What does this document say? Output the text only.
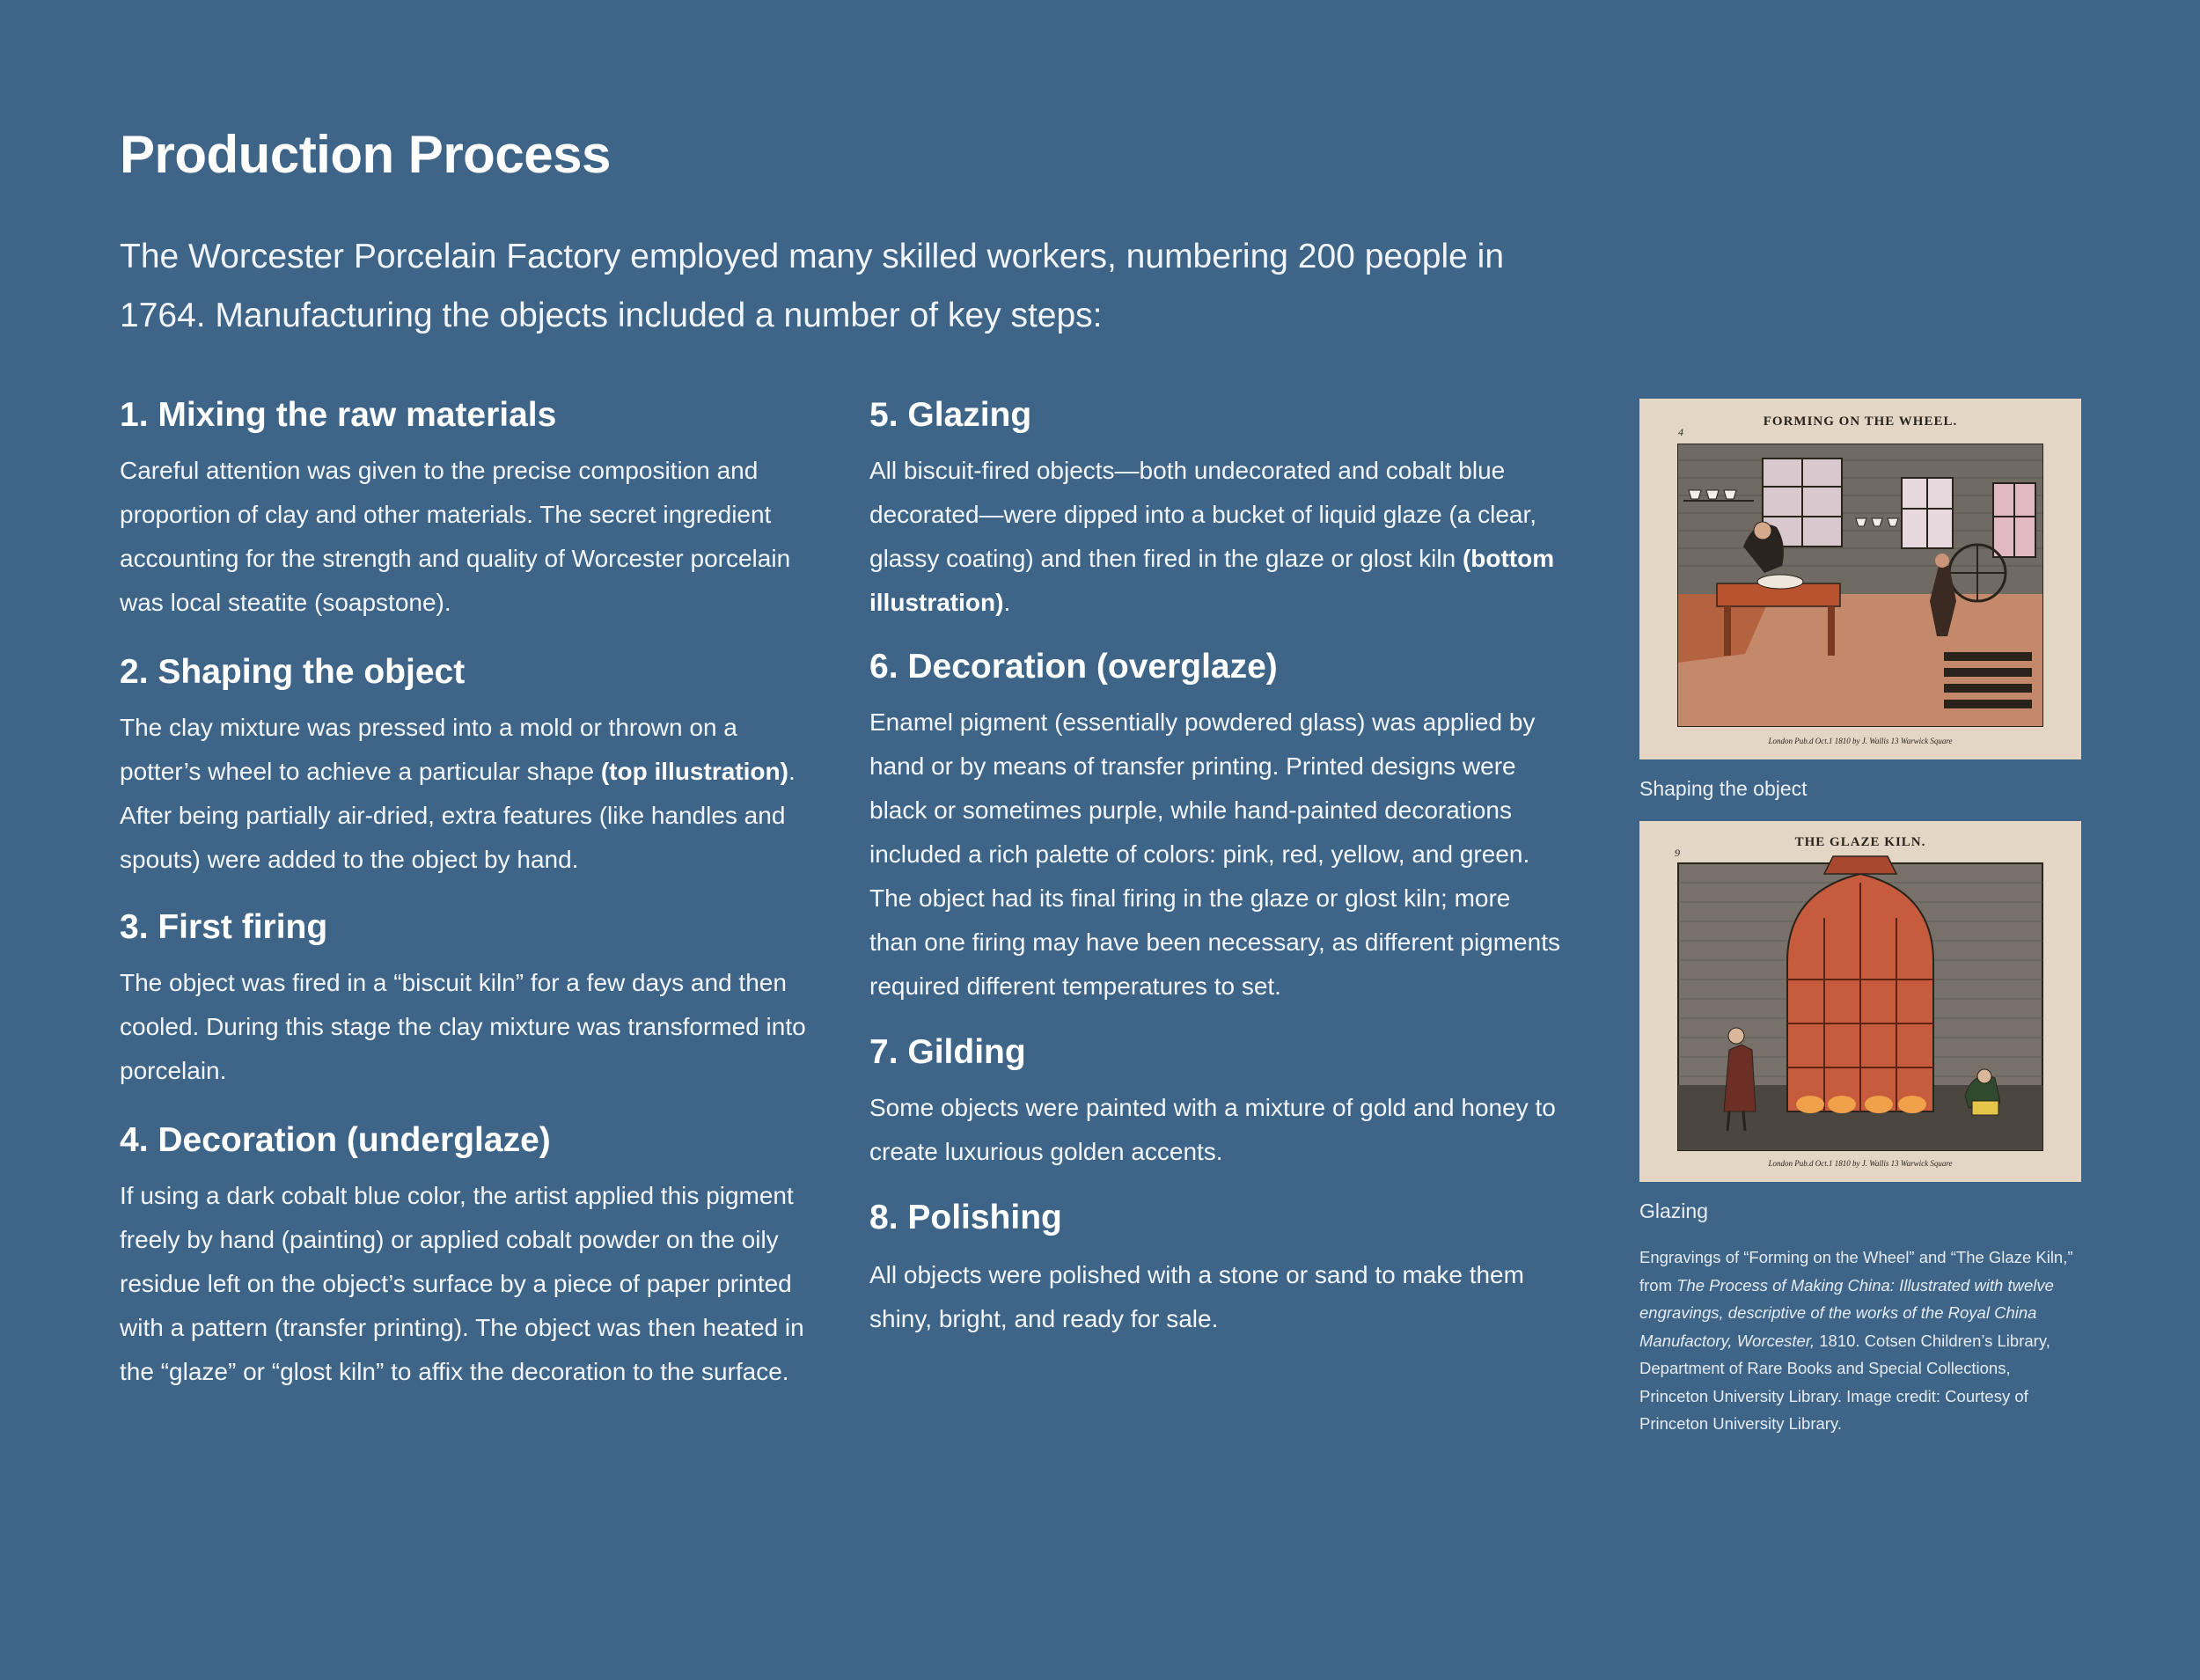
Production Process

The Worcester Porcelain Factory employed many skilled workers, numbering 200 people in 1764. Manufacturing the objects included a number of key steps:

1. Mixing the raw materials

Careful attention was given to the precise composition and proportion of clay and other materials. The secret ingredient accounting for the strength and quality of Worcester porcelain was local steatite (soapstone).

2. Shaping the object

The clay mixture was pressed into a mold or thrown on a potter’s wheel to achieve a particular shape (top illustration). After being partially air-dried, extra features (like handles and spouts) were added to the object by hand.

3. First firing

The object was fired in a “biscuit kiln” for a few days and then cooled. During this stage the clay mixture was transformed into porcelain.

4. Decoration (underglaze)

If using a dark cobalt blue color, the artist applied this pigment freely by hand (painting) or applied cobalt powder on the oily residue left on the object’s surface by a piece of paper printed with a pattern (transfer printing). The object was then heated in the “glaze” or “glost kiln” to affix the decoration to the surface.

5. Glazing

All biscuit-fired objects—both undecorated and cobalt blue decorated—were dipped into a bucket of liquid glaze (a clear, glassy coating) and then fired in the glaze or glost kiln (bottom illustration).

6. Decoration (overglaze)

Enamel pigment (essentially powdered glass) was applied by hand or by means of transfer printing. Printed designs were black or sometimes purple, while hand-painted decorations included a rich palette of colors: pink, red, yellow, and green. The object had its final firing in the glaze or glost kiln; more than one firing may have been necessary, as different pigments required different temperatures to set.

7. Gilding

Some objects were painted with a mixture of gold and honey to create luxurious golden accents.

8. Polishing

All objects were polished with a stone or sand to make them shiny, bright, and ready for sale.

FORMING ON THE WHEEL.
4
London Pub.d Oct.1 1810 by J. Wallis 13 Warwick Square
Shaping the object
THE GLAZE KILN.
9
London Pub.d Oct.1 1810 by J. Wallis 13 Warwick Square
Glazing

Engravings of “Forming on the Wheel” and “The Glaze Kiln,” from The Process of Making China: Illustrated with twelve engravings, descriptive of the works of the Royal China Manufactory, Worcester, 1810. Cotsen Children’s Library, Department of Rare Books and Special Collections, Princeton University Library. Image credit: Courtesy of Princeton University Library.
